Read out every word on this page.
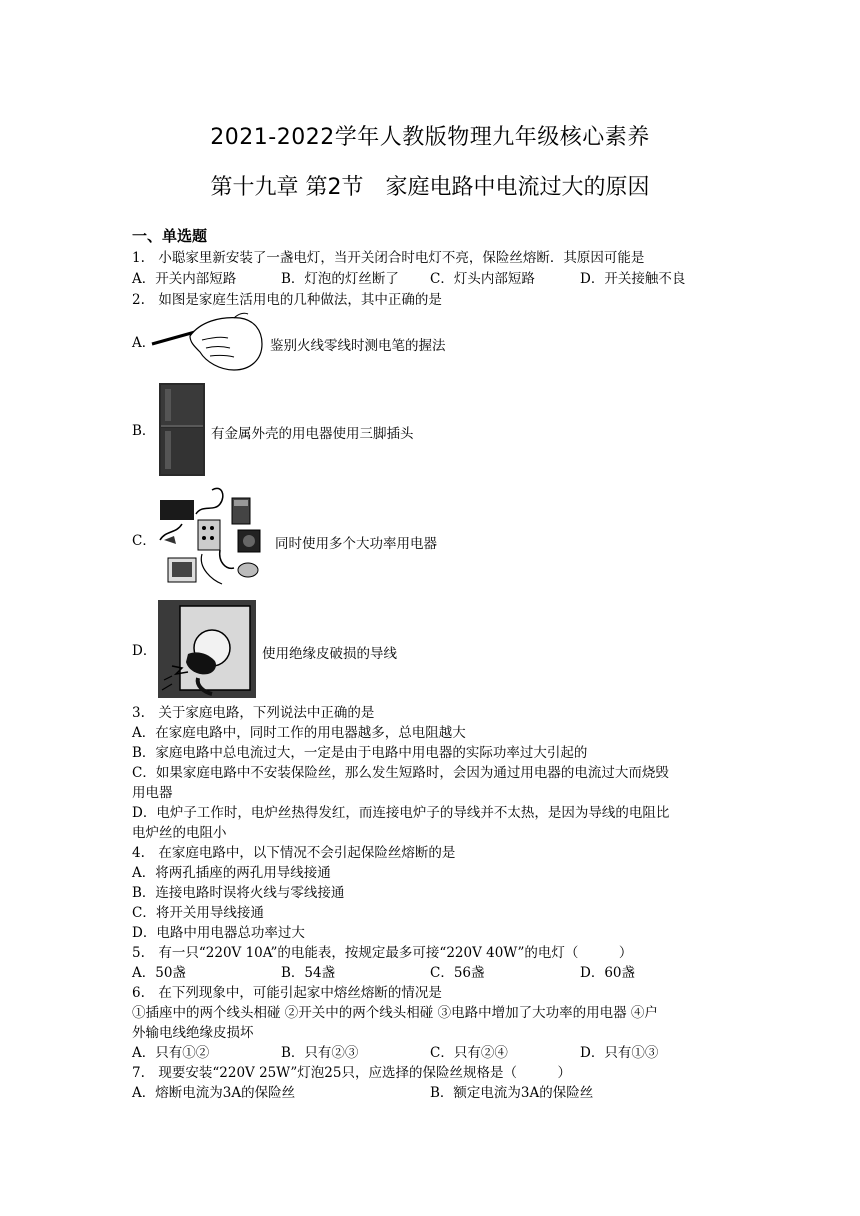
2021-2022学年人教版物理九年级核心素养
第十九章 第2节　家庭电路中电流过大的原因
一、单选题
1.　小聪家里新安装了一盏电灯，当开关闭合时电灯不亮，保险丝熔断．其原因可能是
A．开关内部短路	B．灯泡的灯丝断了 C．灯头内部短路	D．开关接触不良
2.　如图是家庭生活用电的几种做法，其中正确的是
A．	鉴别火线零线时测电笔的握法
B．	有金属外壳的用电器使用三脚插头
C．	同时使用多个大功率用电器
D．	使用绝缘皮破损的导线
3.　关于家庭电路，下列说法中正确的是
A．在家庭电路中，同时工作的用电器越多，总电阻越大
B．家庭电路中总电流过大，一定是由于电路中用电器的实际功率过大引起的
C．如果家庭电路中不安装保险丝，那么发生短路时，会因为通过用电器的电流过大而烧毁
用电器
D．电炉子工作时，电炉丝热得发红，而连接电炉子的导线并不太热，是因为导线的电阻比
电炉丝的电阻小
4.　在家庭电路中，以下情况不会引起保险丝熔断的是
A．将两孔插座的两孔用导线接通
B．连接电路时误将火线与零线接通
C．将开关用导线接通
D．电路中用电器总功率过大
5.　有一只“220V 10A”的电能表，按规定最多可接“220V 40W”的电灯（　　　）
A．50盏	B．54盏	C．56盏	D．60盏
6.　在下列现象中，可能引起家中熔丝熔断的情况是
①插座中的两个线头相碰 ②开关中的两个线头相碰 ③电路中增加了大功率的用电器 ④户
外输电线绝缘皮损坏
A．只有①②	B．只有②③	C．只有②④	D．只有①③
7.　现要安装“220V 25W”灯泡25只，应选择的保险丝规格是（　　　）
A．熔断电流为3A的保险丝	B．额定电流为3A的保险丝
